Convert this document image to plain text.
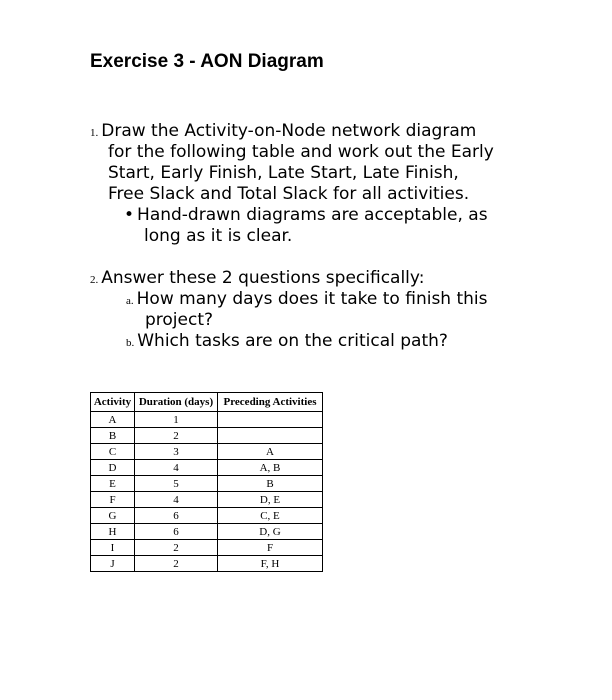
Exercise 3 - AON Diagram
1. Draw the Activity-on-Node network diagram
for the following table and work out the Early
Start, Early Finish, Late Start, Late Finish,
Free Slack and Total Slack for all activities.
• Hand-drawn diagrams are acceptable, as
long as it is clear.
2. Answer these 2 questions specifically:
a. How many days does it take to finish this
project?
b. Which tasks are on the critical path?
Activity	Duration (days)	Preceding Activities
A	1	
B	2	
C	3	A
D	4	A, B
E	5	B
F	4	D, E
G	6	C, E
H	6	D, G
I	2	F
J	2	F, H
